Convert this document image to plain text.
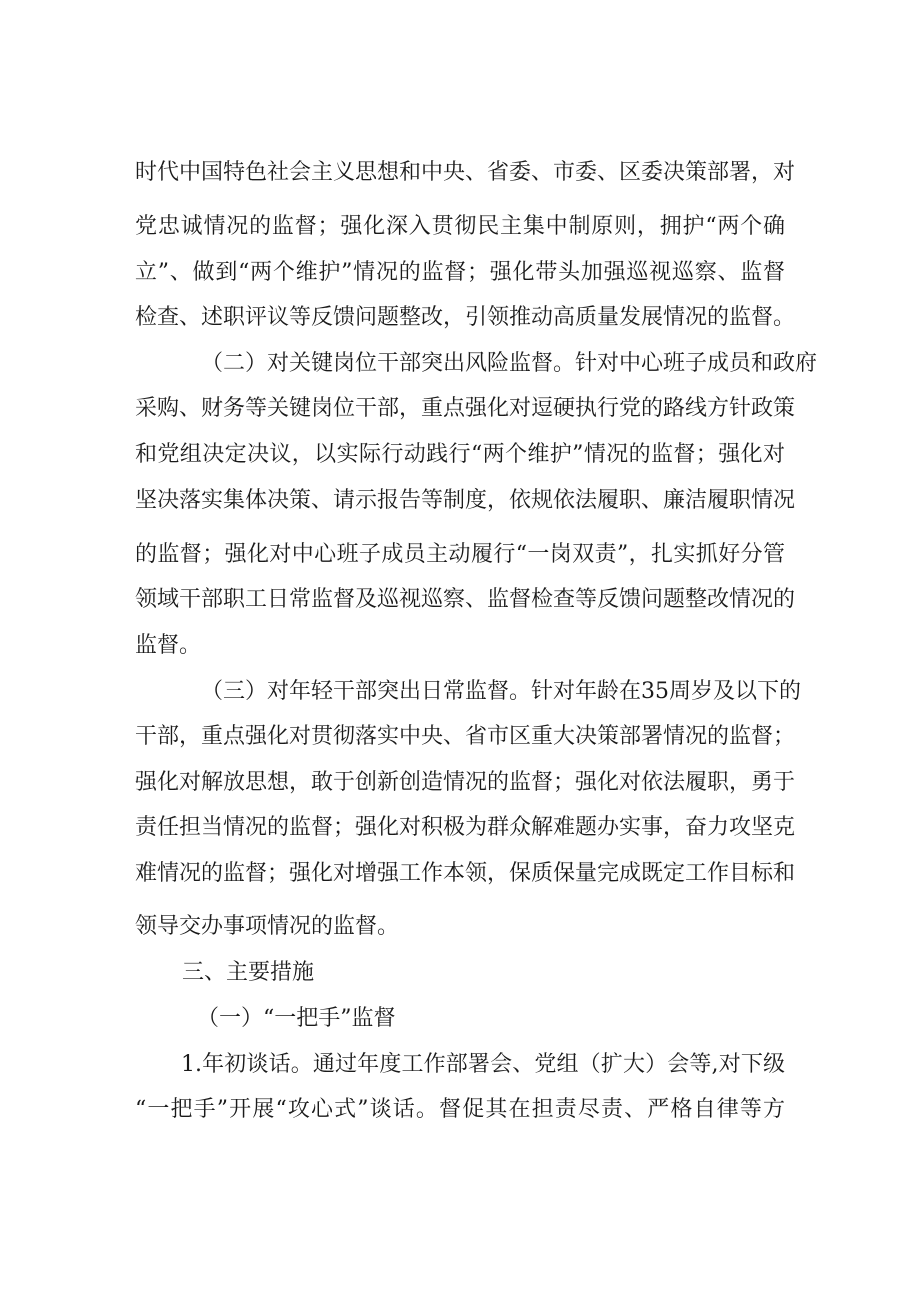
时代中国特色社会主义思想和中央、省委、市委、区委决策部署，对

党忠诚情况的监督；强化深入贯彻民主集中制原则，拥护“两个确

立”、做到“两个维护”情况的监督；强化带头加强巡视巡察、监督

检查、述职评议等反馈问题整改，引领推动高质量发展情况的监督。

（二）对关键岗位干部突出风险监督。针对中心班子成员和政府

采购、财务等关键岗位干部，重点强化对逗硬执行党的路线方针政策

和党组决定决议，以实际行动践行“两个维护”情况的监督；强化对

坚决落实集体决策、请示报告等制度，依规依法履职、廉洁履职情况

的监督；强化对中心班子成员主动履行“一岗双责”，扎实抓好分管

领域干部职工日常监督及巡视巡察、监督检查等反馈问题整改情况的

监督。

（三）对年轻干部突出日常监督。针对年龄在35周岁及以下的

干部，重点强化对贯彻落实中央、省市区重大决策部署情况的监督；

强化对解放思想，敢于创新创造情况的监督；强化对依法履职，勇于

责任担当情况的监督；强化对积极为群众解难题办实事，奋力攻坚克

难情况的监督；强化对增强工作本领，保质保量完成既定工作目标和

领导交办事项情况的监督。

三、主要措施

（一）“一把手”监督

1.年初谈话。通过年度工作部署会、党组（扩大）会等,对下级

“一把手”开展“攻心式”谈话。督促其在担责尽责、严格自律等方
